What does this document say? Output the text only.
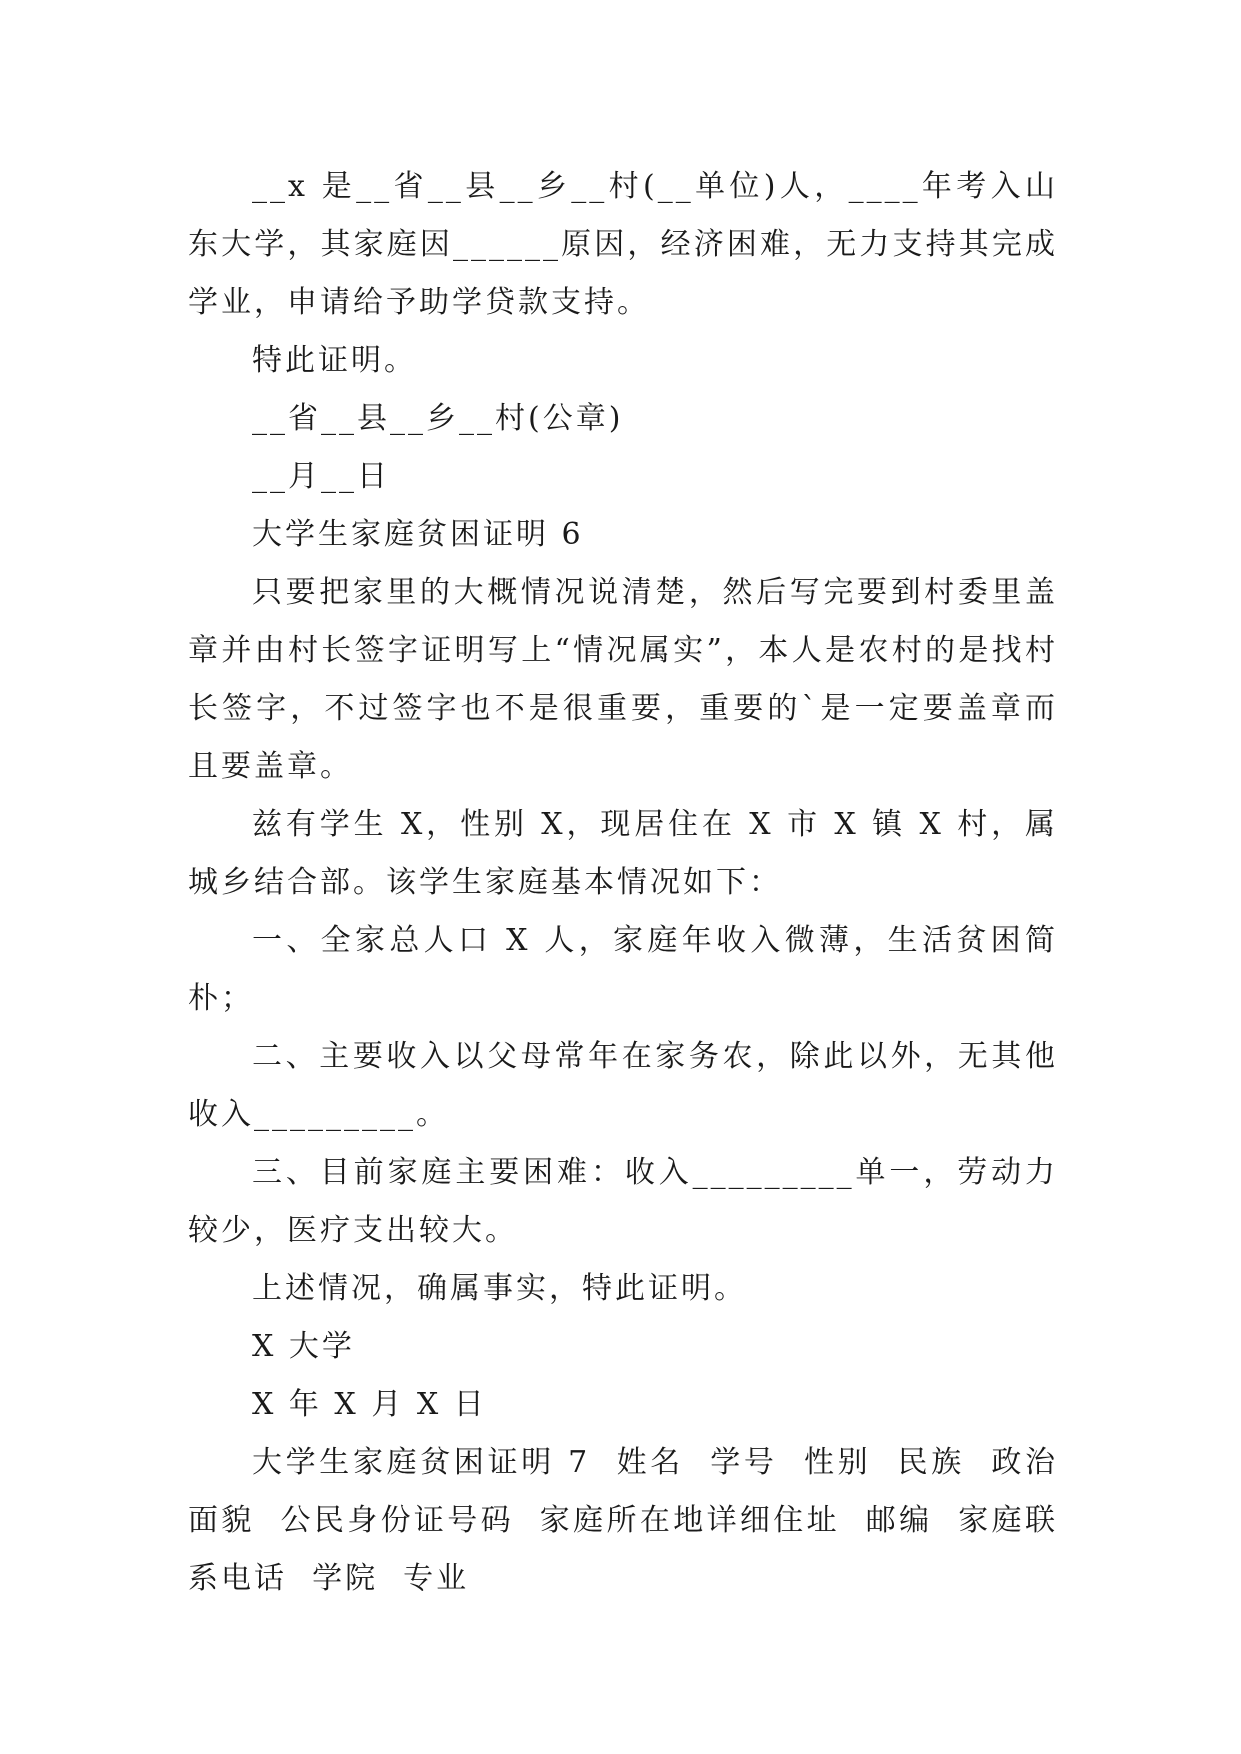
__x 是__省__县__乡__村(__单位)人，____年考入山东大学，其家庭因______原因，经济困难，无力支持其完成学业，申请给予助学贷款支持。

特此证明。

__省__县__乡__村(公章)

__月__日

大学生家庭贫困证明 6

只要把家里的大概情况说清楚，然后写完要到村委里盖章并由村长签字证明写上“情况属实”，本人是农村的是找村长签字，不过签字也不是很重要，重要的`是一定要盖章而且要盖章。

兹有学生 X，性别 X，现居住在 X 市 X 镇 X 村，属城乡结合部。该学生家庭基本情况如下：

一、全家总人口 X 人，家庭年收入微薄，生活贫困简朴；

二、主要收入以父母常年在家务农，除此以外，无其他收入_________。

三、目前家庭主要困难：收入_________单一，劳动力较少，医疗支出较大。

上述情况，确属事实，特此证明。

X 大学

X 年 X 月 X 日

大学生家庭贫困证明 7  姓名  学号  性别  民族  政治面貌  公民身份证号码  家庭所在地详细住址  邮编  家庭联系电话  学院  专业
